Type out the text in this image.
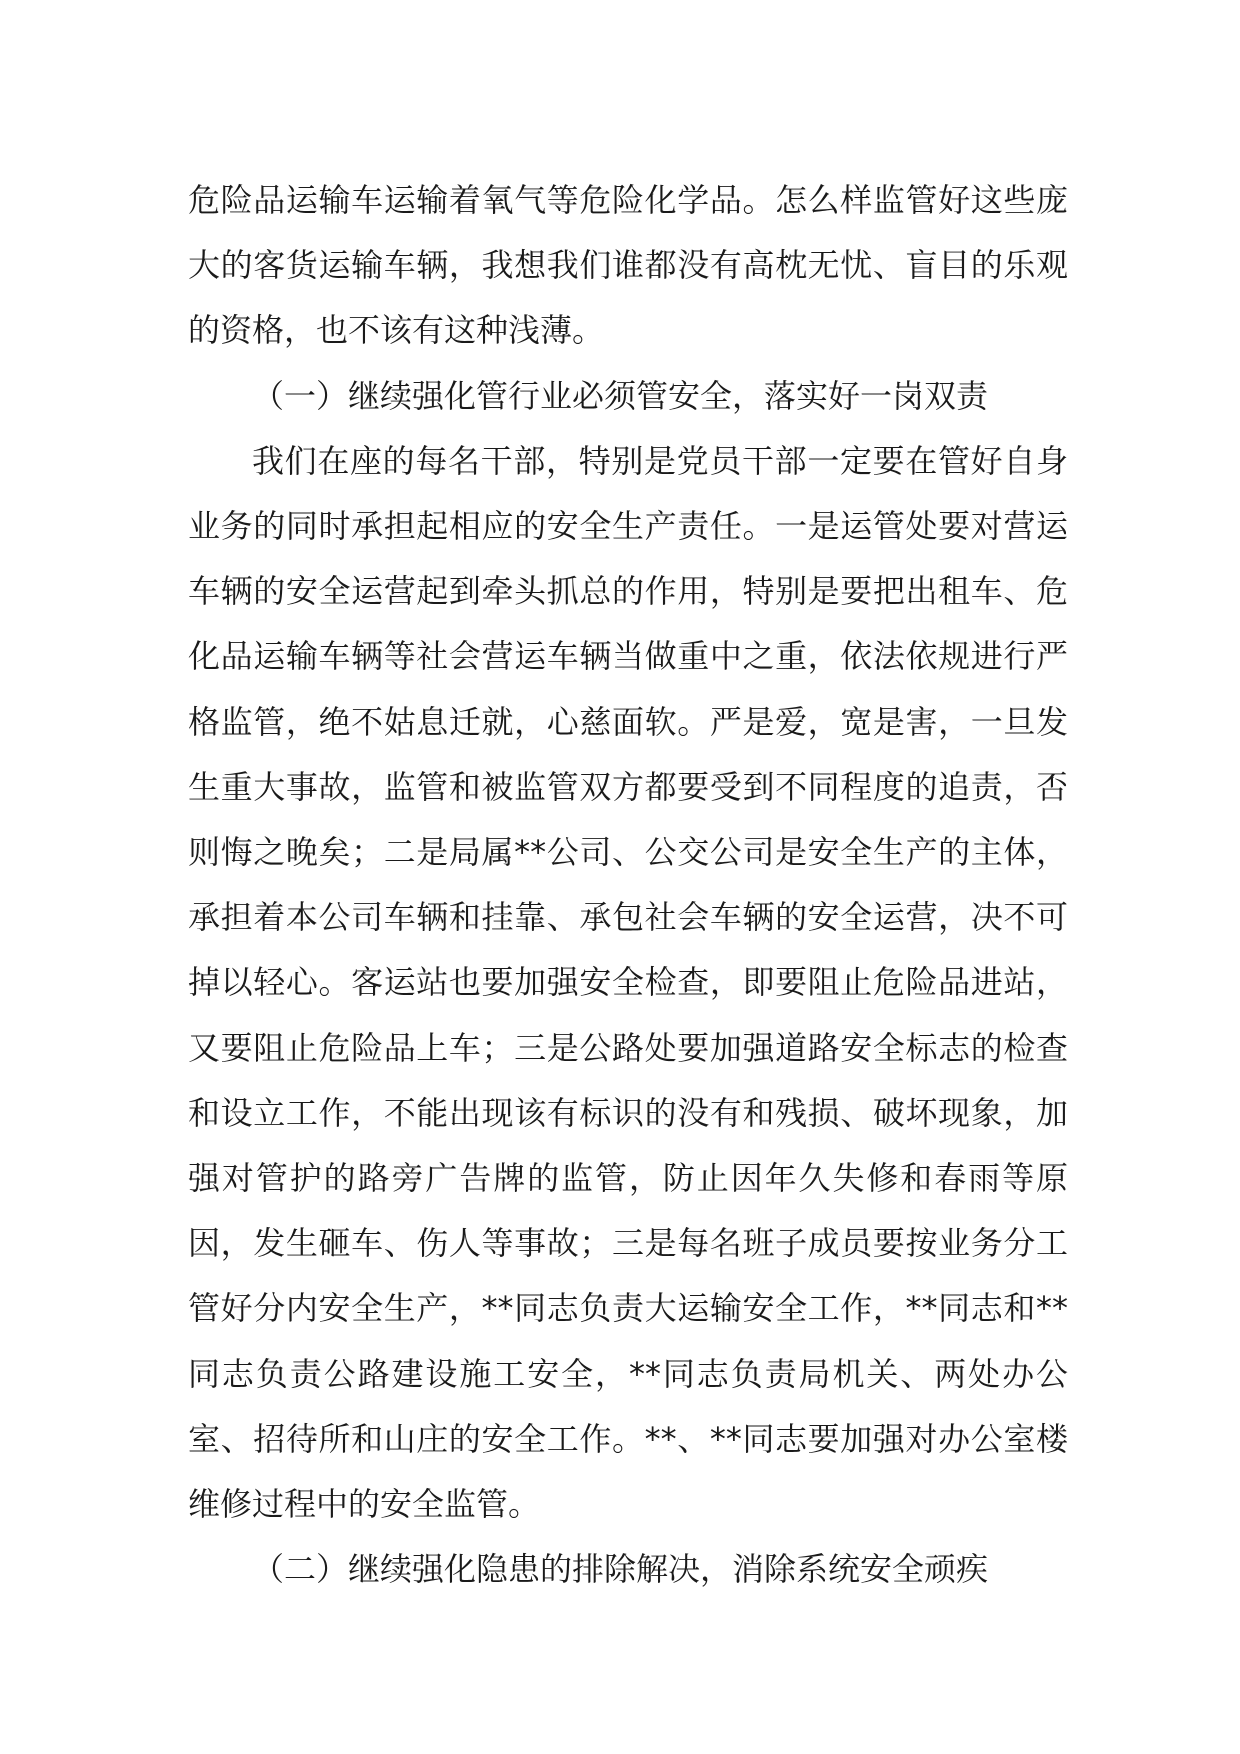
危险品运输车运输着氧气等危险化学品。怎么样监管好这些庞大的客货运输车辆，我想我们谁都没有高枕无忧、盲目的乐观的资格，也不该有这种浅薄。

（一）继续强化管行业必须管安全，落实好一岗双责

我们在座的每名干部，特别是党员干部一定要在管好自身业务的同时承担起相应的安全生产责任。一是运管处要对营运车辆的安全运营起到牵头抓总的作用，特别是要把出租车、危化品运输车辆等社会营运车辆当做重中之重，依法依规进行严格监管，绝不姑息迁就，心慈面软。严是爱，宽是害，一旦发生重大事故，监管和被监管双方都要受到不同程度的追责，否则悔之晚矣；二是局属**公司、公交公司是安全生产的主体，承担着本公司车辆和挂靠、承包社会车辆的安全运营，决不可掉以轻心。客运站也要加强安全检查，即要阻止危险品进站，又要阻止危险品上车；三是公路处要加强道路安全标志的检查和设立工作，不能出现该有标识的没有和残损、破坏现象，加强对管护的路旁广告牌的监管，防止因年久失修和春雨等原因，发生砸车、伤人等事故；三是每名班子成员要按业务分工管好分内安全生产，**同志负责大运输安全工作，**同志和**同志负责公路建设施工安全，**同志负责局机关、两处办公室、招待所和山庄的安全工作。**、**同志要加强对办公室楼维修过程中的安全监管。

（二）继续强化隐患的排除解决，消除系统安全顽疾
